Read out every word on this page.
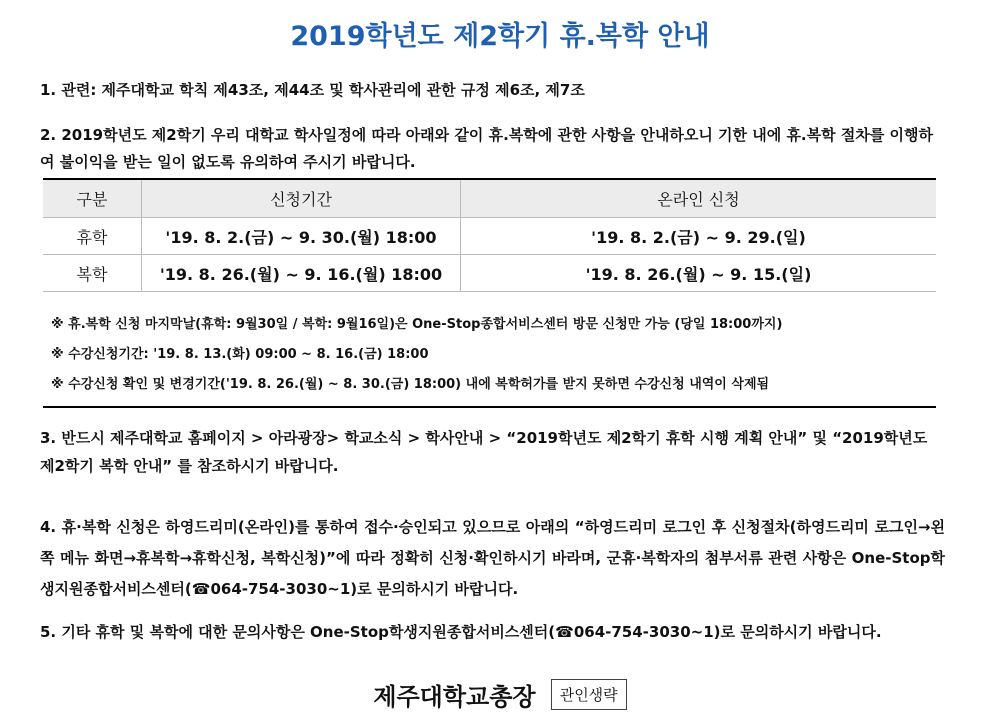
2019학년도 제2학기 휴.복학 안내
1. 관련: 제주대학교 학칙 제43조, 제44조 및 학사관리에 관한 규정 제6조, 제7조
2. 2019학년도 제2학기 우리 대학교 학사일정에 따라 아래와 같이 휴.복학에 관한 사항을 안내하오니 기한 내에 휴.복학 절차를 이행하여 불이익을 받는 일이 없도록 유의하여 주시기 바랍니다.
구분	신청기간	온라인 신청
휴학	'19. 8. 2.(금) ~ 9. 30.(월) 18:00	'19. 8. 2.(금) ~ 9. 29.(일)
복학	'19. 8. 26.(월) ~ 9. 16.(월) 18:00	'19. 8. 26.(월) ~ 9. 15.(일)
※ 휴.복학 신청 마지막날(휴학: 9월30일 / 복학: 9월16일)은 One-Stop종합서비스센터 방문 신청만 가능 (당일 18:00까지)
※ 수강신청기간: '19. 8. 13.(화) 09:00 ~ 8. 16.(금) 18:00
※ 수강신청 확인 및 변경기간('19. 8. 26.(월) ~ 8. 30.(금) 18:00) 내에 복학허가를 받지 못하면 수강신청 내역이 삭제됨
3. 반드시 제주대학교 홈페이지 > 아라광장> 학교소식 > 학사안내 > “2019학년도 제2학기 휴학 시행 계획 안내” 및 “2019학년도 제2학기 복학 안내” 를 참조하시기 바랍니다.
4. 휴·복학 신청은 하영드리미(온라인)를 통하여 접수·승인되고 있으므로 아래의 “하영드리미 로그인 후 신청절차(하영드리미 로그인→왼쪽 메뉴 화면→휴복학→휴학신청, 복학신청)”에 따라 정확히 신청·확인하시기 바라며, 군휴·복학자의 첨부서류 관련 사항은 One-Stop학생지원종합서비스센터(☎064-754-3030~1)로 문의하시기 바랍니다.
5. 기타 휴학 및 복학에 대한 문의사항은 One-Stop학생지원종합서비스센터(☎064-754-3030~1)로 문의하시기 바랍니다.
제주대학교총장 관인생략
